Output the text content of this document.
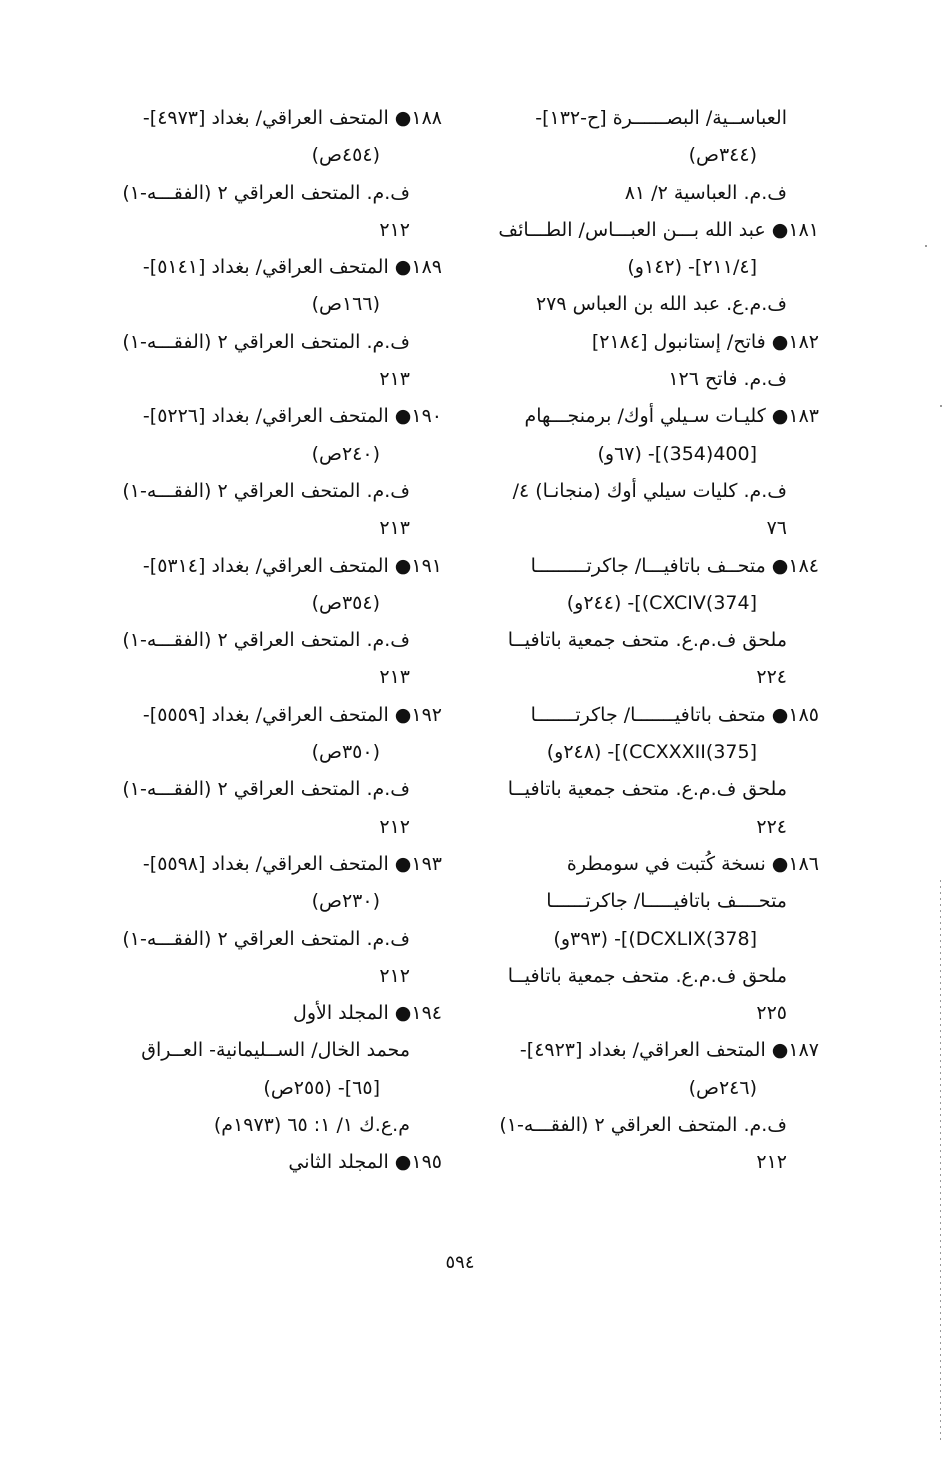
العباســية/ البصــــــرة [ح-١٣٢]-
(٣٤٤ص)
ف.م. العباسية ٢/ ٨١
١٨١● عبد الله بـــن العبـــاس/ الطـــائف
[٢١١/٤]- (١٤٢و)
ف.م.ع. عبد الله بن العباس ٢٧٩
١٨٢● فاتح/ إستانبول [٢١٨٤]
ف.م. فاتح ١٢٦
١٨٣● كليـات سـيلي أوك/ برمنجـــهام
[400(354)]- (٦٧و)
ف.م. كليات سيلي أوك (منجانـا) ٤/
٧٦
١٨٤● متحــف باتافيـــا/ جاكرتـــــــــا
[374)CXCIV)]- (٢٤٤و)
ملحق ف.م.ع. متحف جمعية باتافيــا
٢٢٤
١٨٥● متحف باتافيـــــــا/ جاكرتـــــــا
[375)CCXXXII)]- (٢٤٨و)
ملحق ف.م.ع. متحف جمعية باتافيــا
٢٢٤
١٨٦● نسخة كُتبت في سومطرة
متحــــف باتافيـــــا/ جاكرتــــــا
[378)DCXLIX)]- (٣٩٣و)
ملحق ف.م.ع. متحف جمعية باتافيــا
٢٢٥
١٨٧● المتحف العراقي/ بغداد [٤٩٢٣]-
(٢٤٦ص)
ف.م. المتحف العراقي ٢ (الفقـــه-١)
٢١٢
١٨٨● المتحف العراقي/ بغداد [٤٩٧٣]-
(٤٥٤ص)
ف.م. المتحف العراقي ٢ (الفقـــه-١)
٢١٢
١٨٩● المتحف العراقي/ بغداد [٥١٤١]-
(١٦٦ص)
ف.م. المتحف العراقي ٢ (الفقـــه-١)
٢١٣
١٩٠● المتحف العراقي/ بغداد [٥٢٢٦]-
(٢٤٠ص)
ف.م. المتحف العراقي ٢ (الفقـــه-١)
٢١٣
١٩١● المتحف العراقي/ بغداد [٥٣١٤]-
(٣٥٤ص)
ف.م. المتحف العراقي ٢ (الفقـــه-١)
٢١٣
١٩٢● المتحف العراقي/ بغداد [٥٥٥٩]-
(٣٥٠ص)
ف.م. المتحف العراقي ٢ (الفقـــه-١)
٢١٢
١٩٣● المتحف العراقي/ بغداد [٥٥٩٨]-
(٢٣٠ص)
ف.م. المتحف العراقي ٢ (الفقـــه-١)
٢١٢
١٩٤● المجلد الأول
محمد الخال/ الســليمانية- العــراق
[٦٥]- (٢٥٥ص)
م.ع.ك ١/ ١: ٦٥ (١٩٧٣م)
١٩٥● المجلد الثاني
٥٩٤
